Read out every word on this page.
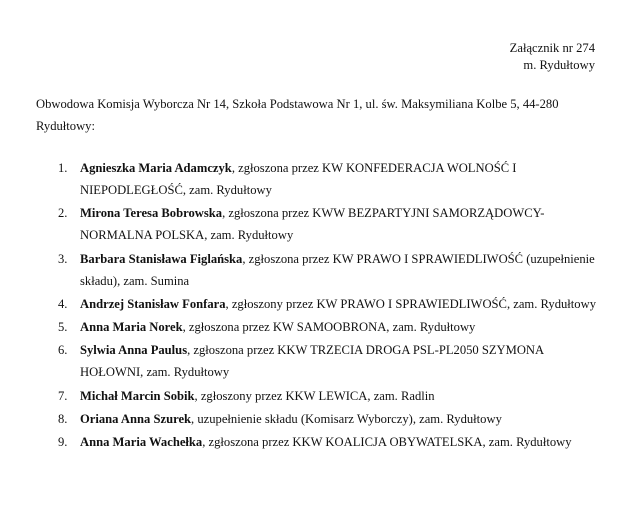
Załącznik nr 274
m. Rydułtowy
Obwodowa Komisja Wyborcza Nr 14, Szkoła Podstawowa Nr 1, ul. św. Maksymiliana Kolbe 5, 44-280 Rydułtowy:
1. Agnieszka Maria Adamczyk, zgłoszona przez KW KONFEDERACJA WOLNOŚĆ I NIEPODLEGŁOŚĆ, zam. Rydułtowy
2. Mirona Teresa Bobrowska, zgłoszona przez KWW BEZPARTYJNI SAMORZĄDOWCY-NORMALNA POLSKA, zam. Rydułtowy
3. Barbara Stanisława Figlańska, zgłoszona przez KW PRAWO I SPRAWIEDLIWOŚĆ (uzupełnienie składu), zam. Sumina
4. Andrzej Stanisław Fonfara, zgłoszony przez KW PRAWO I SPRAWIEDLIWOŚĆ, zam. Rydułtowy
5. Anna Maria Norek, zgłoszona przez KW SAMOOBRONA, zam. Rydułtowy
6. Sylwia Anna Paulus, zgłoszona przez KKW TRZECIA DROGA PSL-PL2050 SZYMONA HOŁOWNI, zam. Rydułtowy
7. Michał Marcin Sobik, zgłoszony przez KKW LEWICA, zam. Radlin
8. Oriana Anna Szurek, uzupełnienie składu (Komisarz Wyborczy), zam. Rydułtowy
9. Anna Maria Wachełka, zgłoszona przez KKW KOALICJA OBYWATELSKA, zam. Rydułtowy
